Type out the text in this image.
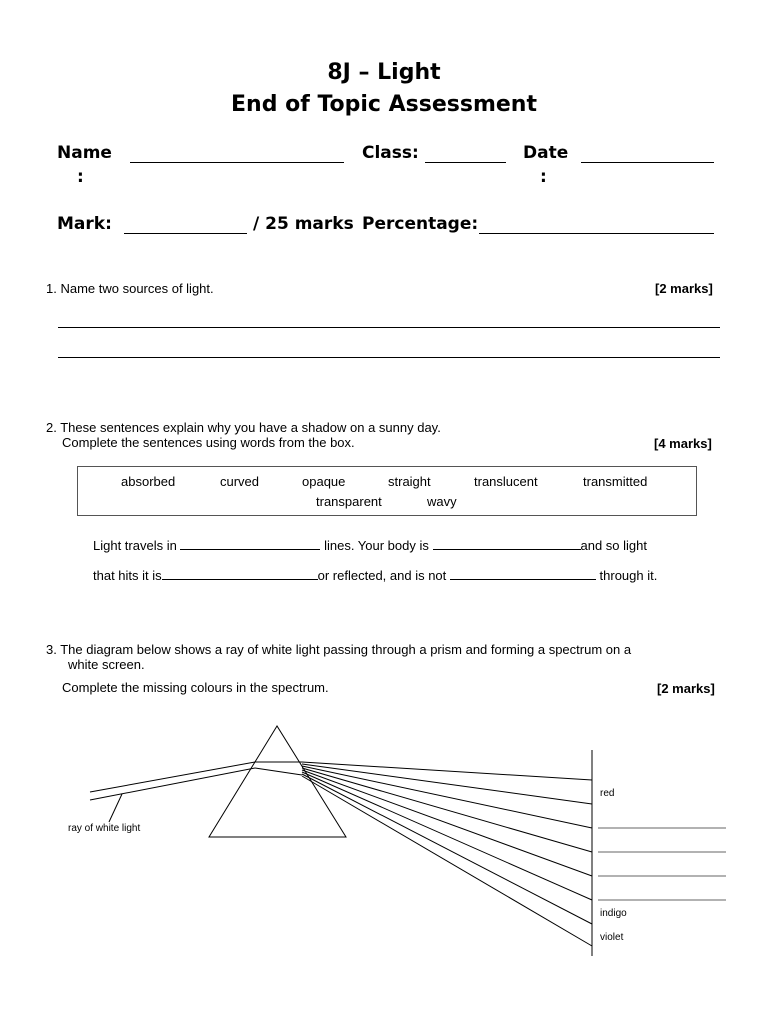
8J – Light
End of Topic Assessment
Name
:
Class:	Date
:
Mark:	/ 25 marks Percentage:
1. Name two sources of light.	[2 marks]
2. These sentences explain why you have a shadow on a sunny day.
Complete the sentences using words from the box.	[4 marks]
absorbed	curved	opaque	straight	translucent	transmitted
transparent	wavy
Light travels in	lines. Your body is	and so light
that hits it is	or reflected, and is not	through it.
3. The diagram below shows a ray of white light passing through a prism and forming a spectrum on a
white screen.
Complete the missing colours in the spectrum.	[2 marks]
ray of white light
red
indigo
violet
